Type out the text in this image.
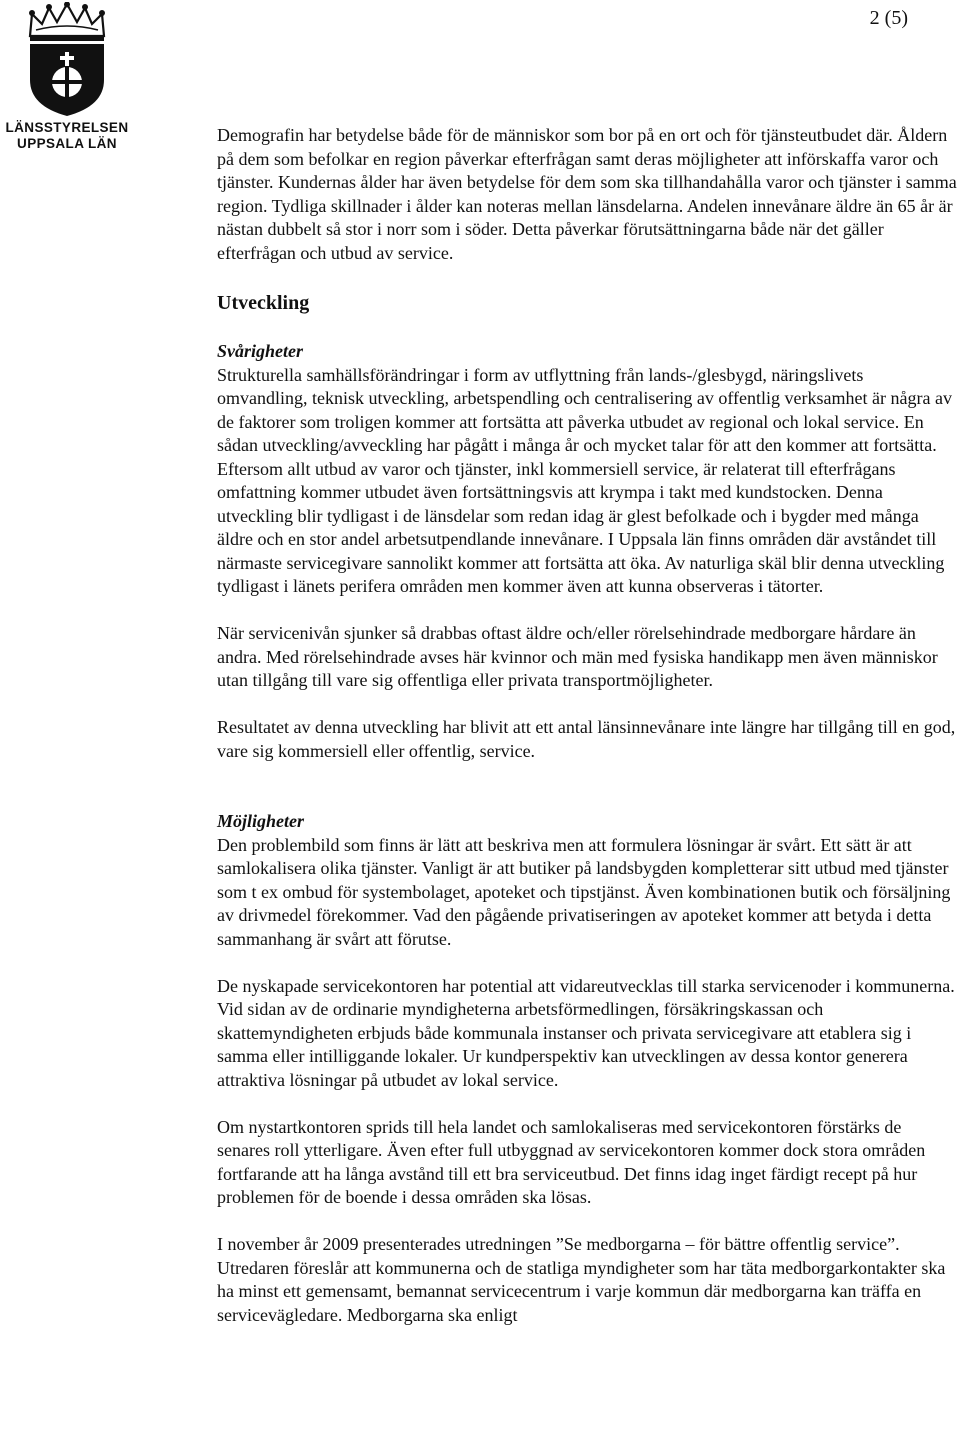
LÄNSSTYRELSEN
UPPSALA LÄN
2 (5)

Demografin har betydelse både för de människor som bor på en ort och för tjänsteutbudet där. Åldern på dem som befolkar en region påverkar efterfrågan samt deras möjligheter att införskaffa varor och tjänster. Kundernas ålder har även betydelse för dem som ska tillhandahålla varor och tjänster i samma region. Tydliga skillnader i ålder kan noteras mellan länsdelarna. Andelen innevånare äldre än 65 år är nästan dubbelt så stor i norr som i söder. Detta påverkar förutsättningarna både när det gäller efterfrågan och utbud av service.

Utveckling

Svårigheter

Strukturella samhällsförändringar i form av utflyttning från lands-/glesbygd, näringslivets omvandling, teknisk utveckling, arbetspendling och centralisering av offentlig verksamhet är några av de faktorer som troligen kommer att fortsätta att påverka utbudet av regional och lokal service. En sådan utveckling/avveckling har pågått i många år och mycket talar för att den kommer att fortsätta. Eftersom allt utbud av varor och tjänster, inkl kommersiell service, är relaterat till efterfrågans omfattning kommer utbudet även fortsättningsvis att krympa i takt med kundstocken. Denna utveckling blir tydligast i de länsdelar som redan idag är glest befolkade och i bygder med många äldre och en stor andel arbetsutpendlande innevånare. I Uppsala län finns områden där avståndet till närmaste servicegivare sannolikt kommer att fortsätta att öka. Av naturliga skäl blir denna utveckling tydligast i länets perifera områden men kommer även att kunna observeras i tätorter.

När servicenivån sjunker så drabbas oftast äldre och/eller rörelsehindrade medborgare hårdare än andra. Med rörelsehindrade avses här kvinnor och män med fysiska handikapp men även människor utan tillgång till vare sig offentliga eller privata transportmöjligheter.

Resultatet av denna utveckling har blivit att ett antal länsinnevånare inte längre har tillgång till en god, vare sig kommersiell eller offentlig, service.

Möjligheter

Den problembild som finns är lätt att beskriva men att formulera lösningar är svårt. Ett sätt är att samlokalisera olika tjänster. Vanligt är att butiker på landsbygden kompletterar sitt utbud med tjänster som t ex ombud för systembolaget, apoteket och tipstjänst. Även kombinationen butik och försäljning av drivmedel förekommer. Vad den pågående privatiseringen av apoteket kommer att betyda i detta sammanhang är svårt att förutse.

De nyskapade servicekontoren har potential att vidareutvecklas till starka servicenoder i kommunerna. Vid sidan av de ordinarie myndigheterna arbetsförmedlingen, försäkringskassan och skattemyndigheten erbjuds både kommunala instanser och privata servicegivare att etablera sig i samma eller intilliggande lokaler. Ur kundperspektiv kan utvecklingen av dessa kontor generera attraktiva lösningar på utbudet av lokal service.

Om nystartkontoren sprids till hela landet och samlokaliseras med servicekontoren förstärks de senares roll ytterligare. Även efter full utbyggnad av servicekontoren kommer dock stora områden fortfarande att ha långa avstånd till ett bra serviceutbud. Det finns idag inget färdigt recept på hur problemen för de boende i dessa områden ska lösas.

I november år 2009 presenterades utredningen ”Se medborgarna – för bättre offentlig service”. Utredaren föreslår att kommunerna och de statliga myndigheter som har täta medborgarkontakter ska ha minst ett gemensamt, bemannat servicecentrum i varje kommun där medborgarna kan träffa en servicevägledare. Medborgarna ska enligt
